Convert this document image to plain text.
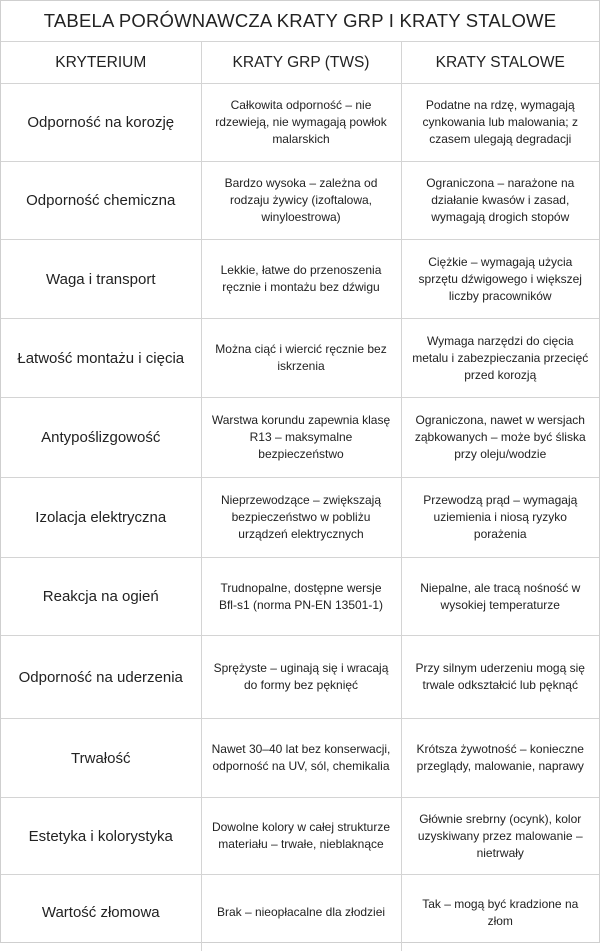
TABELA PORÓWNAWCZA KRATY GRP I KRATY STALOWE
KRYTERIUM	KRATY GRP (TWS)	KRATY STALOWE
Odporność na korozję	Całkowita odporność – nie rdzewieją, nie wymagają powłok malarskich	Podatne na rdzę, wymagają cynkowania lub malowania; z czasem ulegają degradacji
Odporność chemiczna	Bardzo wysoka – zależna od rodzaju żywicy (izoftalowa, winyloestrowa)	Ograniczona – narażone na działanie kwasów i zasad, wymagają drogich stopów
Waga i transport	Lekkie, łatwe do przenoszenia ręcznie i montażu bez dźwigu	Ciężkie – wymagają użycia sprzętu dźwigowego i większej liczby pracowników
Łatwość montażu i cięcia	Można ciąć i wiercić ręcznie bez iskrzenia	Wymaga narzędzi do cięcia metalu i zabezpieczania przecięć przed korozją
Antypoślizgowość	Warstwa korundu zapewnia klasę R13 – maksymalne bezpieczeństwo	Ograniczona, nawet w wersjach ząbkowanych – może być śliska przy oleju/wodzie
Izolacja elektryczna	Nieprzewodzące – zwiększają bezpieczeństwo w pobliżu urządzeń elektrycznych	Przewodzą prąd – wymagają uziemienia i niosą ryzyko porażenia
Reakcja na ogień	Trudnopalne, dostępne wersje Bfl-s1 (norma PN-EN 13501-1)	Niepalne, ale tracą nośność w wysokiej temperaturze
Odporność na uderzenia	Sprężyste – uginają się i wracają do formy bez pęknięć	Przy silnym uderzeniu mogą się trwale odkształcić lub pęknąć
Trwałość	Nawet 30–40 lat bez konserwacji, odporność na UV, sól, chemikalia	Krótsza żywotność – konieczne przeglądy, malowanie, naprawy
Estetyka i kolorystyka	Dowolne kolory w całej strukturze materiału – trwałe, nieblaknące	Głównie srebrny (ocynk), kolor uzyskiwany przez malowanie – nietrwały
Wartość złomowa	Brak – nieopłacalne dla złodziei	Tak – mogą być kradzione na złom
